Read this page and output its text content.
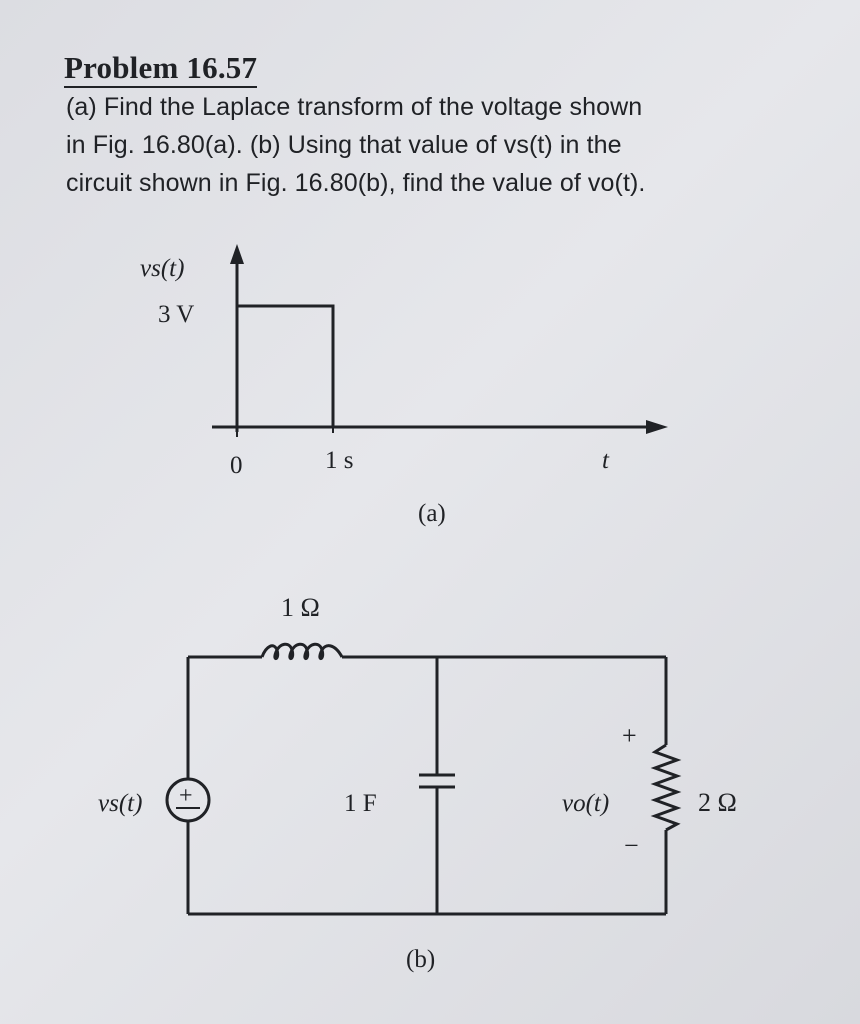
Problem 16.57
(a) Find the Laplace transform of the voltage shown
in Fig. 16.80(a). (b) Using that value of vs(t) in the
circuit shown in Fig. 16.80(b), find the value of vo(t).
vs(t)
3 V
0	1 s	t
(a)
1 Ω
vs(t) +	1 F	vo(t)
+
−
2 Ω
(b)
